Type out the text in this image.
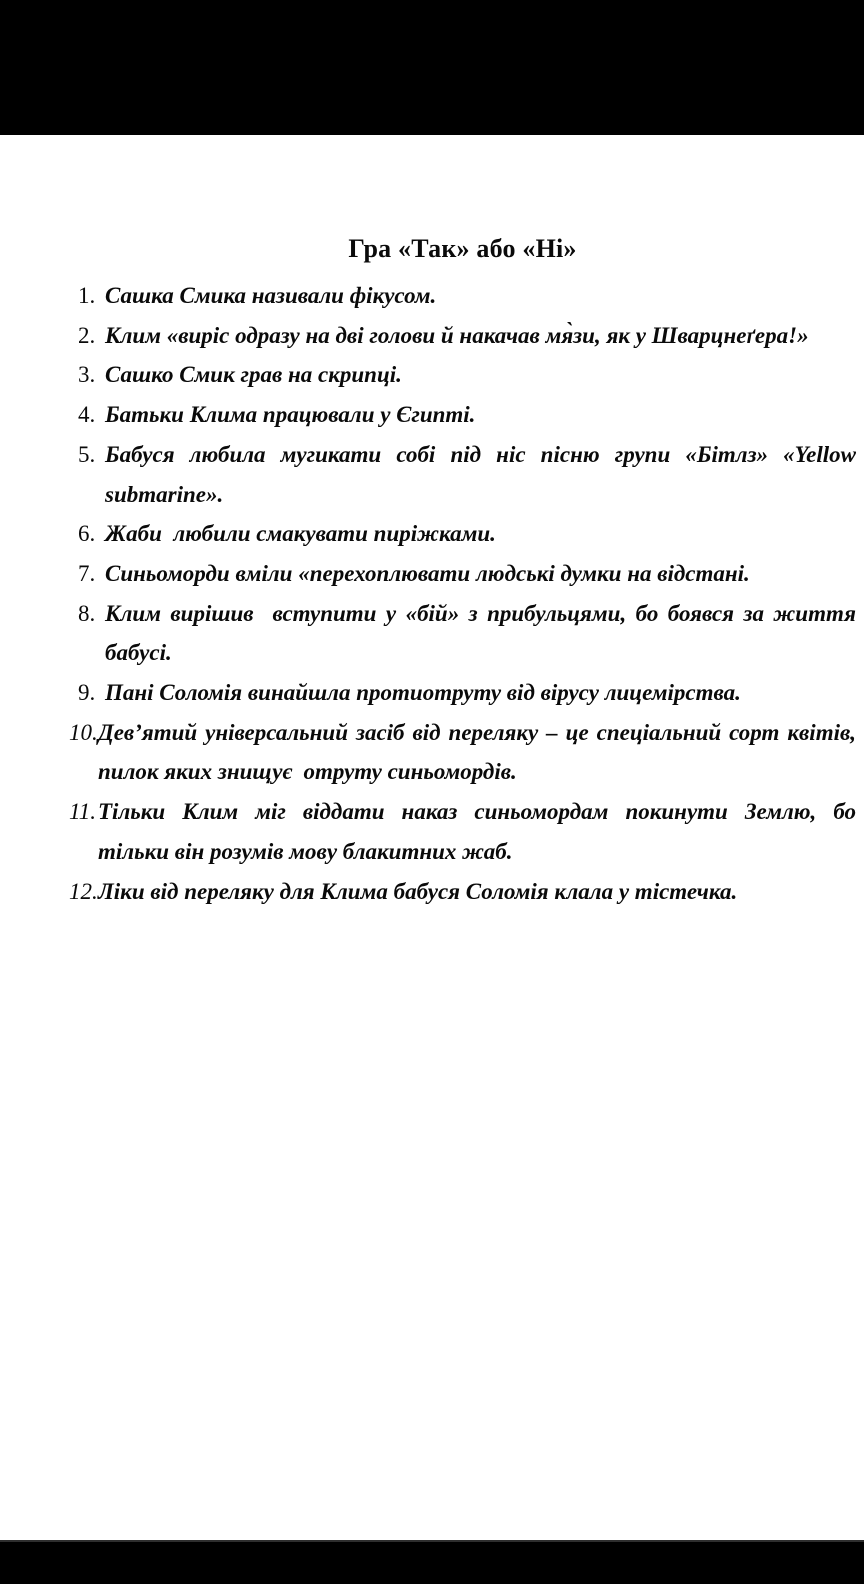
Гра «Так» або «Ні»
1. Сашка Смика називали фікусом.
2. Клим «виріс одразу на дві голови й накачав мя̀зи, як у Шварцнеґера!»
3. Сашко Смик грав на скрипці.
4. Батьки Клима працювали у Єгипті.
5. Бабуся любила мугикати собі під ніс пісню групи «Бітлз» «Yellow
submarine».
6. Жаби  любили смакувати пиріжками.
7. Синьоморди вміли «перехоплювати людські думки на відстані.
8. Клим вирішив  вступити у «бій» з прибульцями, бо боявся за життя
бабусі.
9. Пані Соломія винайшла протиотруту від вірусу лицемірства.
10. Дев’ятий універсальний засіб від переляку – це спеціальний сорт квітів,
пилок яких знищує  отруту синьомордів.
11. Тільки Клим міг віддати наказ синьомордам покинути Землю, бо
тільки він розумів мову блакитних жаб.
12. Ліки від переляку для Клима бабуся Соломія клала у тістечка.
